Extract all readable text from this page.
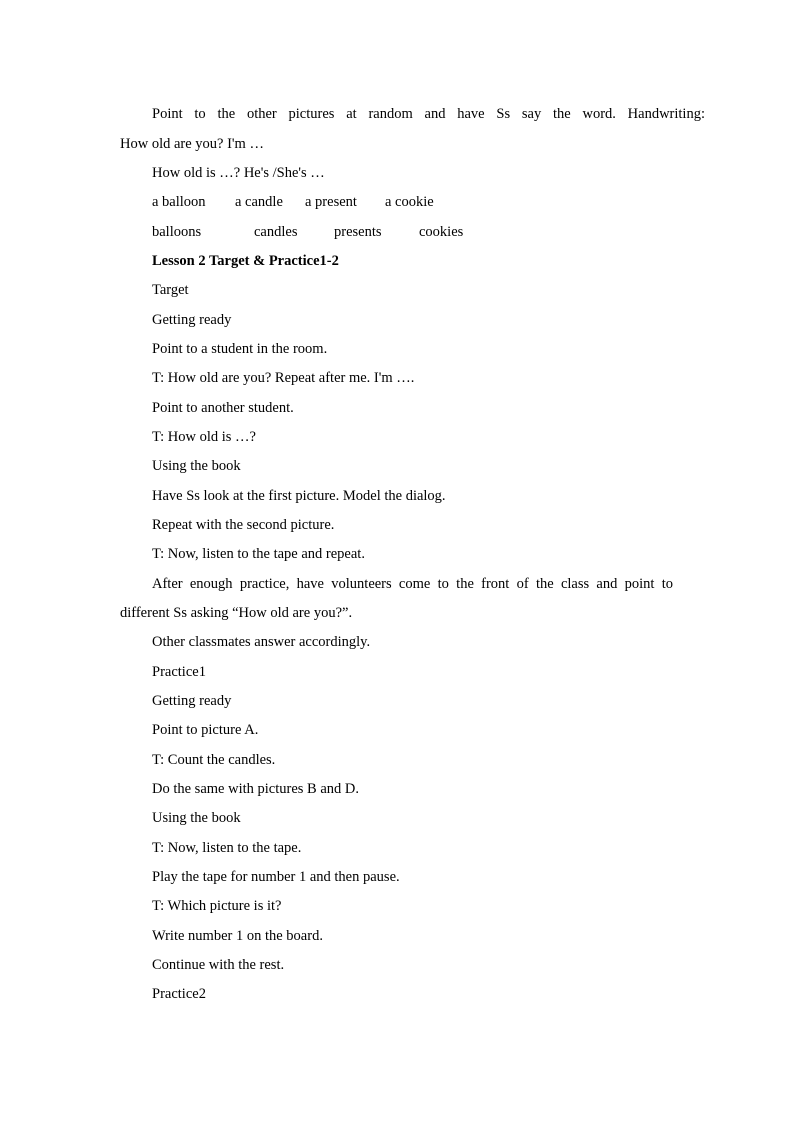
Point to the other pictures at random and have Ss say the word. Handwriting:
How old are you? I'm …
How old is …? He's /She's …
a balloon a candle a present a cookie
balloons	candles	presents	cookies
Lesson 2 Target & Practice1-2
Target
Getting ready
Point to a student in the room.
T: How old are you? Repeat after me. I'm ….
Point to another student.
T: How old is …?
Using the book
Have Ss look at the first picture. Model the dialog.
Repeat with the second picture.
T: Now, listen to the tape and repeat.
After enough practice, have volunteers come to the front of the class and point to
different Ss asking “How old are you?”.
Other classmates answer accordingly.
Practice1
Getting ready
Point to picture A.
T: Count the candles.
Do the same with pictures B and D.
Using the book
T: Now, listen to the tape.
Play the tape for number 1 and then pause.
T: Which picture is it?
Write number 1 on the board.
Continue with the rest.
Practice2
